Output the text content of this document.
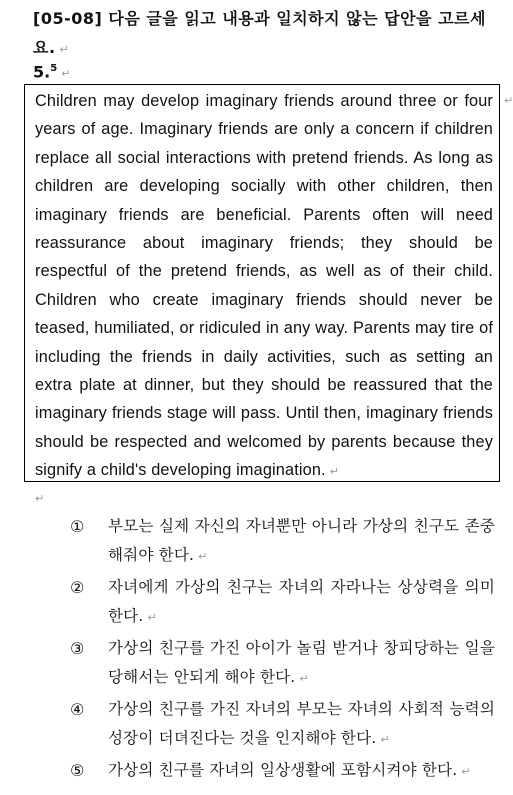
[05-08] 다음 글을 읽고 내용과 일치하지 않는 답안을 고르세요. ↵
5.$^5$ ↵
Children may develop imaginary friends around three or four years of age. Imaginary friends are only a concern if children replace all social interactions with pretend friends. As long as children are developing socially with other children, then imaginary friends are beneficial. Parents often will need reassurance about imaginary friends; they should be respectful of the pretend friends, as well as of their child. Children who create imaginary friends should never be teased, humiliated, or ridiculed in any way. Parents may tire of including the friends in daily activities, such as setting an extra plate at dinner, but they should be reassured that the imaginary friends stage will pass. Until then, imaginary friends should be respected and welcomed by parents because they signify a child's developing imagination. ↵
↵
↵
①	부모는 실제 자신의 자녀뿐만 아니라 가상의 친구도 존중해줘야 한다. ↵
②	자녀에게 가상의 친구는 자녀의 자라나는 상상력을 의미한다. ↵
③	가상의 친구를 가진 아이가 놀림 받거나 창피당하는 일을 당해서는 안되게 해야 한다. ↵
④	가상의 친구를 가진 자녀의 부모는 자녀의 사회적 능력의 성장이 더뎌진다는 것을 인지해야 한다. ↵
⑤	가상의 친구를 자녀의 일상생활에 포함시켜야 한다. ↵
